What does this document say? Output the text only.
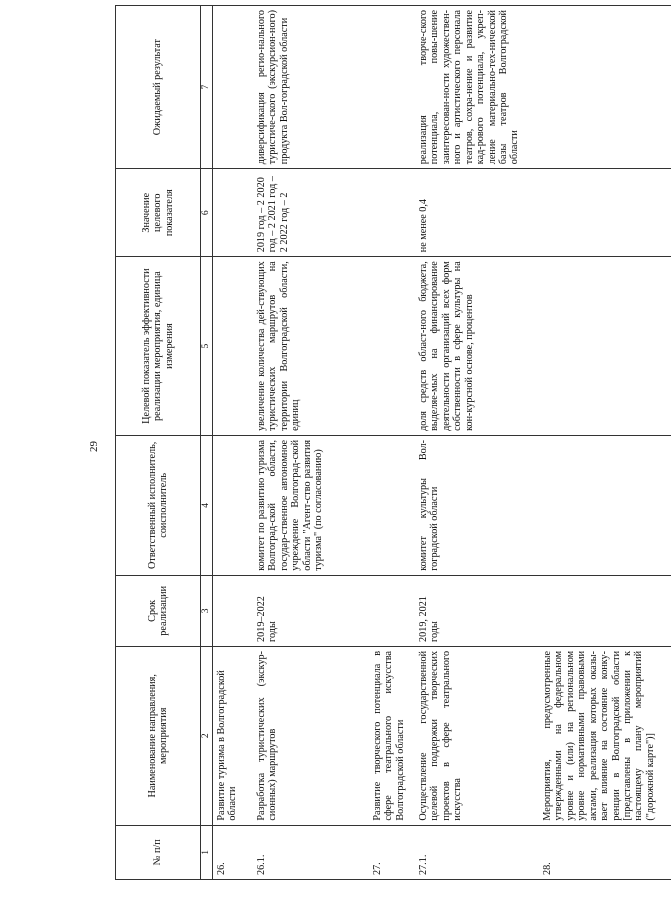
29
№ п/п	Наименование направления, мероприятия	Срок реализации	Ответственный исполнитель, соисполнитель	Целевой показатель эффективности реализации мероприятия, единица измерения	Значение целевого показателя	Ожидаемый результат
1	2	3	4	5	6	7
26.	Развитие туризма в Волгоградской области					
26.1.	Разработка туристических (экскур-сионных) маршрутов	2019–2022 годы	комитет по развитию туризма Волгоград-ской области, государ-ственное автономное учреждение Волгоград-ской области "Агент-ство развития туризма" (по согласованию)	увеличение количества дей-ствующих туристических маршрутов на территории Волгоградской области, единиц	2019 год – 2 2020 год – 2 2021 год – 2 2022 год – 2	диверсификация регио-нального туристиче-ского (экскурсион-ного) продукта Вол-гоградской области
27.	Развитие творческого потенциала в сфере театрального искусства Волгоградской области					
27.1.	Осуществление государственной целевой поддержки творческих проектов в сфере театрального искусства	2019, 2021 годы	комитет культуры Вол-гоградской области	доля средств област-ного бюджета, выделяе-мых на финансирование деятельности организаций всех форм собственности в сфере культуры на кон-курсной основе, процентов	не менее 0,4	реализация творче-ского потенциала, повы-шение заинтересован-ности художествен-ного и артистического персонала театров, сохра-нение и развитие кад-рового потенциала, укреп-ление материально-тех-нической базы театров Волгоградской области
28.	Мероприятия, предусмотренные утвержденными на федеральном уровне и (или) на региональном уровне нормативными правовыми актами, реализация которых оказы-вает влияние на состояние конку-ренции в Волгоградской области [представлены в приложении к настоящему плану мероприятий ("дорожной карте")]					
